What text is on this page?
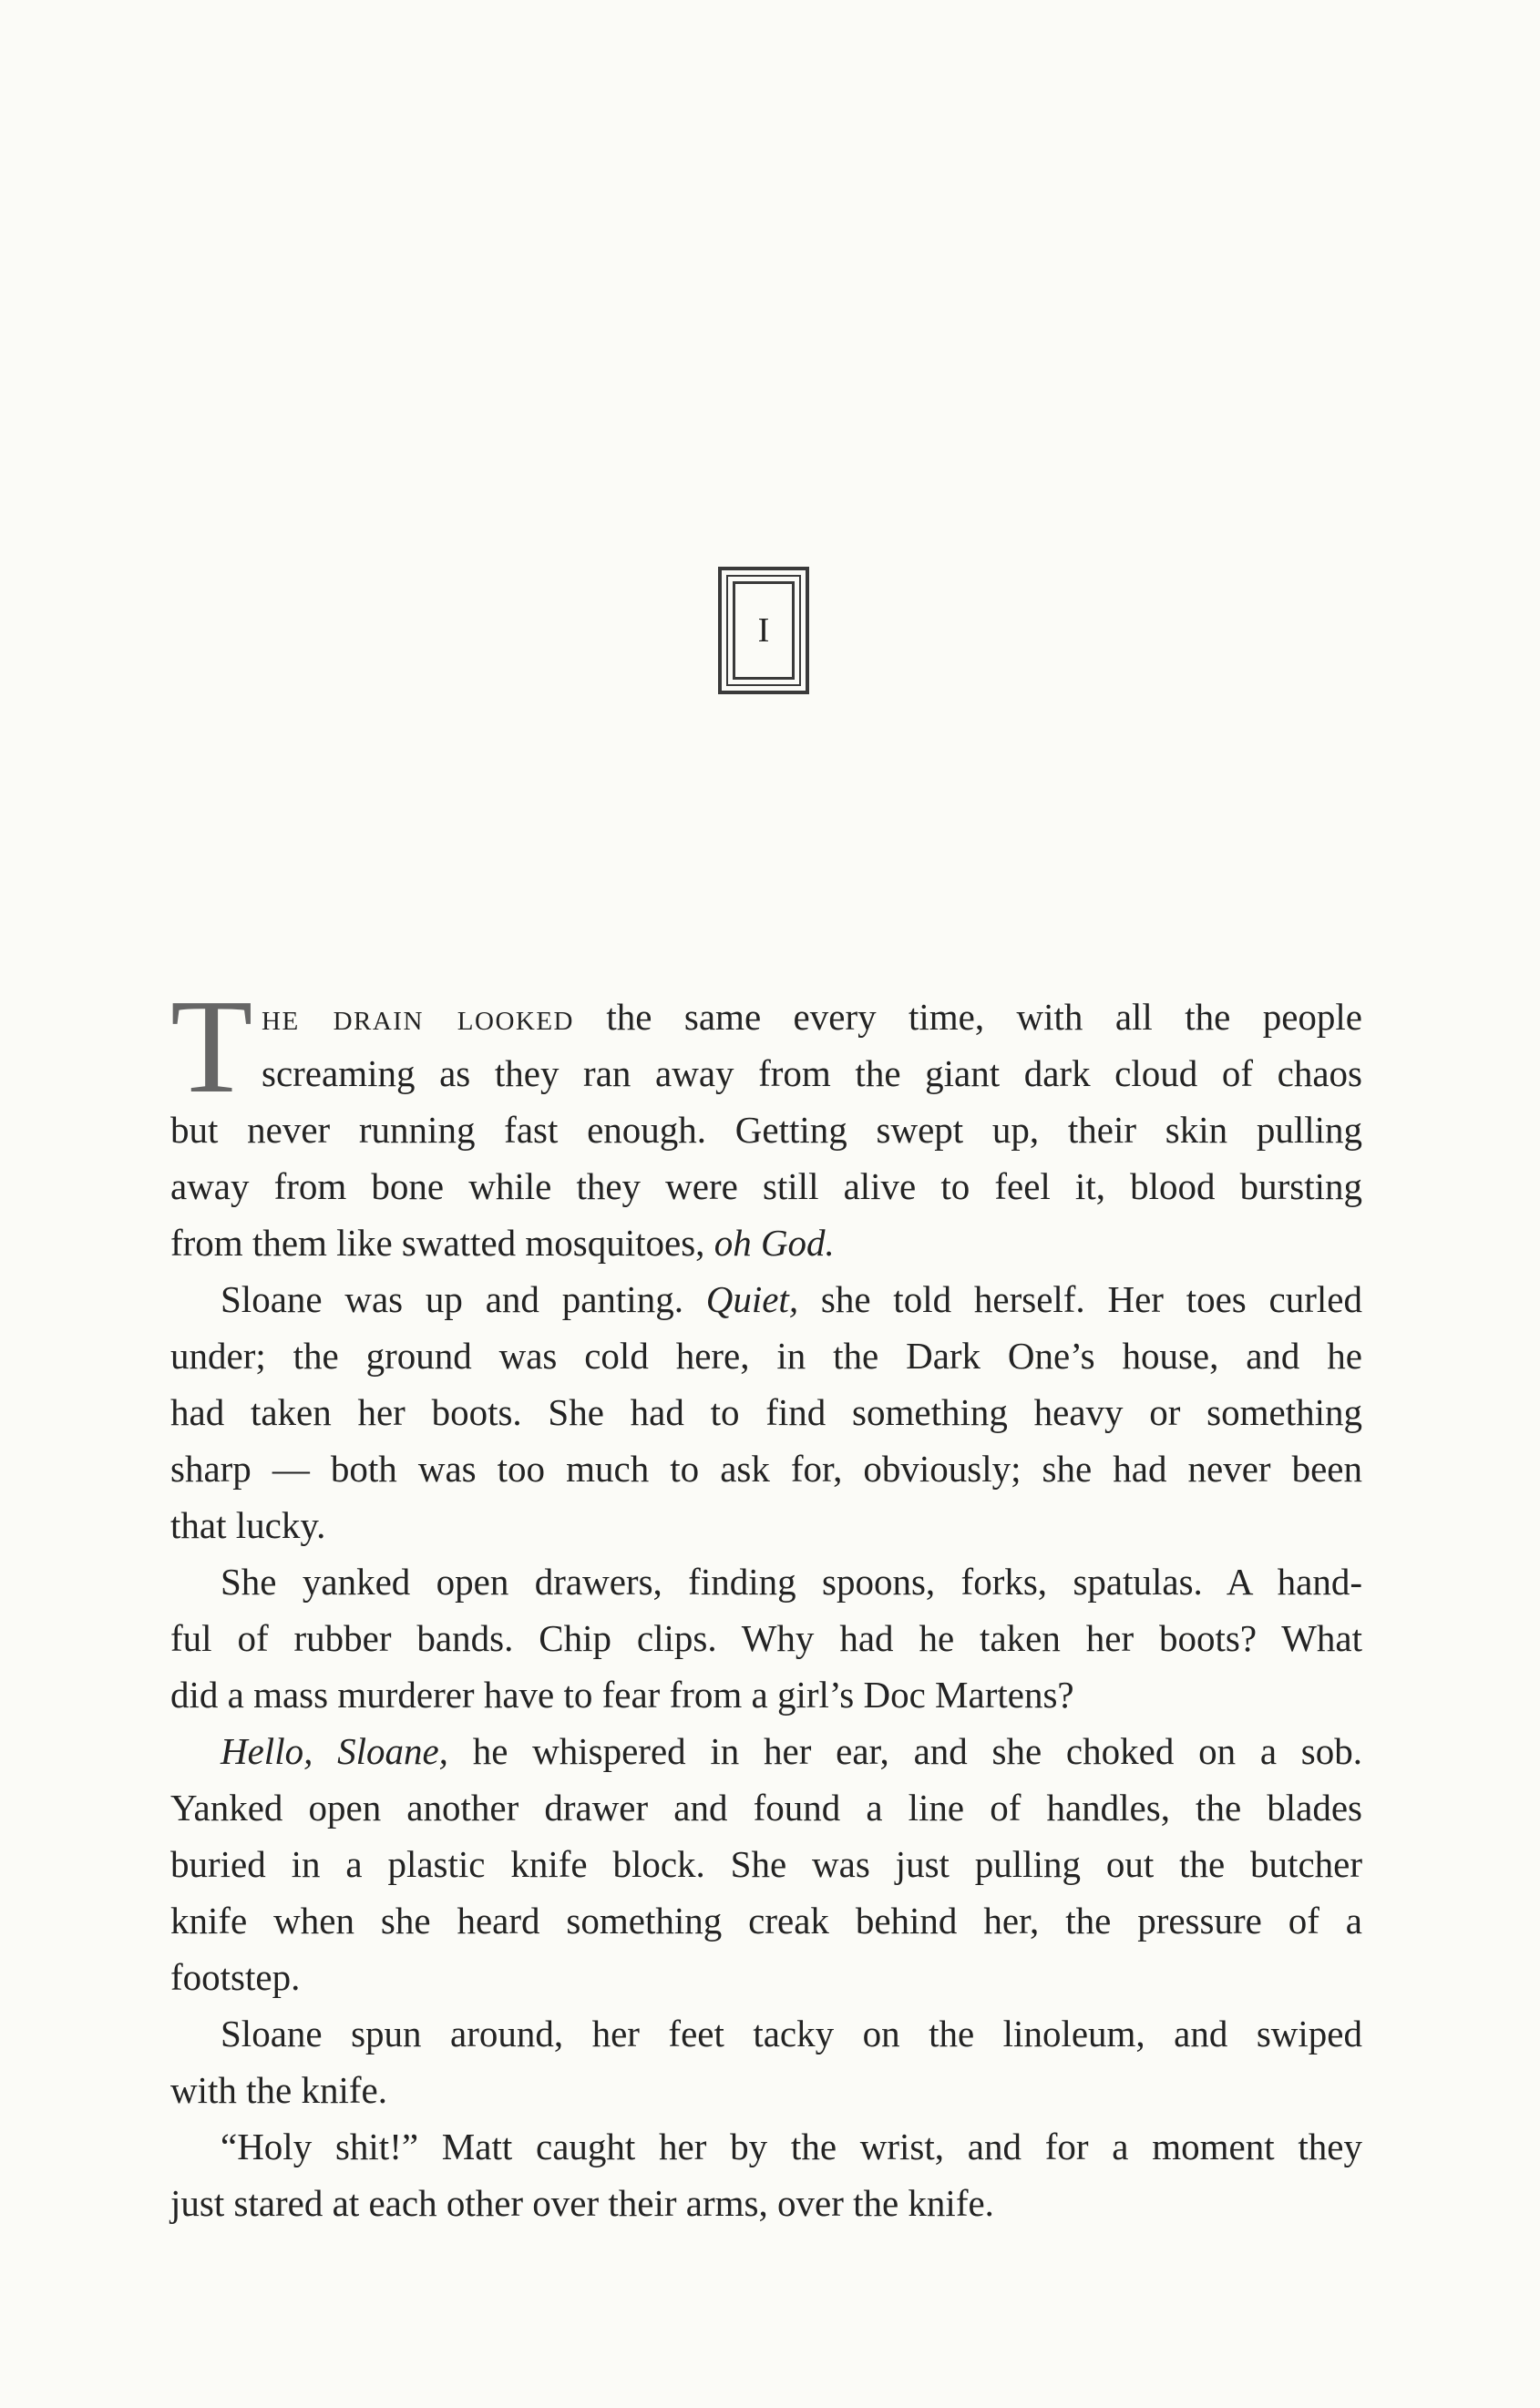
I
T he drain looked the same every time, with all the people
screaming as they ran away from the giant dark cloud of chaos
but never running fast enough. Getting swept up, their skin pulling
away from bone while they were still alive to feel it, blood bursting
from them like swatted mosquitoes, oh God.
Sloane was up and panting. Quiet, she told herself. Her toes curled
under; the ground was cold here, in the Dark One’s house, and he
had taken her boots. She had to find something heavy or something
sharp — both was too much to ask for, obviously; she had never been
that lucky.
She yanked open drawers, finding spoons, forks, spatulas. A hand-
ful of rubber bands. Chip clips. Why had he taken her boots? What
did a mass murderer have to fear from a girl’s Doc Martens?
Hello, Sloane, he whispered in her ear, and she choked on a sob.
Yanked open another drawer and found a line of handles, the blades
buried in a plastic knife block. She was just pulling out the butcher
knife when she heard something creak behind her, the pressure of a
footstep.
Sloane spun around, her feet tacky on the linoleum, and swiped
with the knife.
“Holy shit!” Matt caught her by the wrist, and for a moment they
just stared at each other over their arms, over the knife.
